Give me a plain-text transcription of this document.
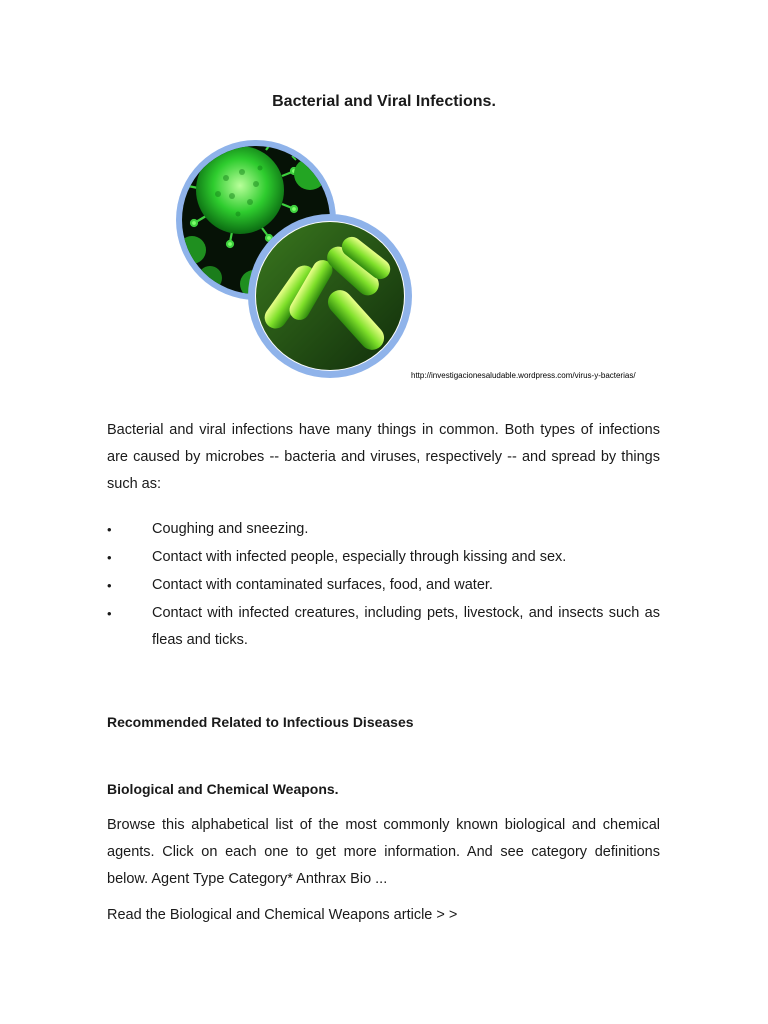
Bacterial and Viral Infections.
http://investigacionesaludable.wordpress.com/virus-y-bacterias/

Bacterial and viral infections have many things in common. Both types of infections are caused by microbes -- bacteria and viruses, respectively -- and spread by things such as:

•	Coughing and sneezing.
•	Contact with infected people, especially through kissing and sex.
•	Contact with contaminated surfaces, food, and water.
•	Contact with infected creatures, including pets, livestock, and insects such as fleas and ticks.
Recommended Related to Infectious Diseases
Biological and Chemical Weapons.

Browse this alphabetical list of the most commonly known biological and chemical agents. Click on each one to get more information. And see category definitions below. Agent Type Category* Anthrax Bio ...

Read the Biological and Chemical Weapons article > >
